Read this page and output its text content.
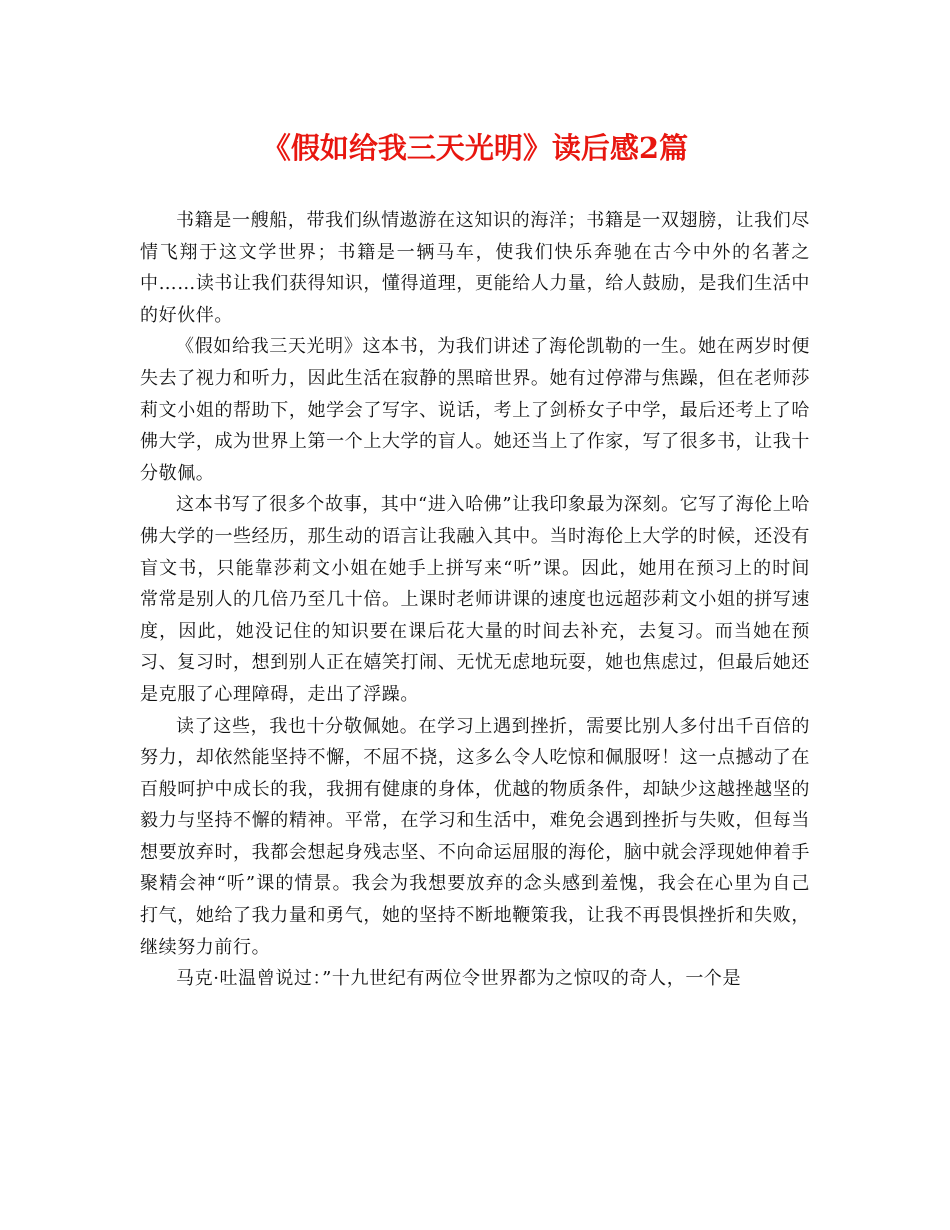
《假如给我三天光明》读后感2篇

书籍是一艘船，带我们纵情遨游在这知识的海洋；书籍是一双翅膀，让我们尽情飞翔于这文学世界；书籍是一辆马车，使我们快乐奔驰在古今中外的名著之中……读书让我们获得知识，懂得道理，更能给人力量，给人鼓励，是我们生活中的好伙伴。

《假如给我三天光明》这本书，为我们讲述了海伦凯勒的一生。她在两岁时便失去了视力和听力，因此生活在寂静的黑暗世界。她有过停滞与焦躁，但在老师莎莉文小姐的帮助下，她学会了写字、说话，考上了剑桥女子中学，最后还考上了哈佛大学，成为世界上第一个上大学的盲人。她还当上了作家，写了很多书，让我十分敬佩。

这本书写了很多个故事，其中“进入哈佛”让我印象最为深刻。它写了海伦上哈佛大学的一些经历，那生动的语言让我融入其中。当时海伦上大学的时候，还没有盲文书，只能靠莎莉文小姐在她手上拼写来“听”课。因此，她用在预习上的时间常常是别人的几倍乃至几十倍。上课时老师讲课的速度也远超莎莉文小姐的拼写速度，因此，她没记住的知识要在课后花大量的时间去补充，去复习。而当她在预习、复习时，想到别人正在嬉笑打闹、无忧无虑地玩耍，她也焦虑过，但最后她还是克服了心理障碍，走出了浮躁。

读了这些，我也十分敬佩她。在学习上遇到挫折，需要比别人多付出千百倍的努力，却依然能坚持不懈，不屈不挠，这多么令人吃惊和佩服呀！这一点撼动了在百般呵护中成长的我，我拥有健康的身体，优越的物质条件，却缺少这越挫越坚的毅力与坚持不懈的精神。平常，在学习和生活中，难免会遇到挫折与失败，但每当想要放弃时，我都会想起身残志坚、不向命运屈服的海伦，脑中就会浮现她伸着手聚精会神“听”课的情景。我会为我想要放弃的念头感到羞愧，我会在心里为自己打气，她给了我力量和勇气，她的坚持不断地鞭策我，让我不再畏惧挫折和失败，继续努力前行。

马克·吐温曾说过：”十九世纪有两位令世界都为之惊叹的奇人，一个是
